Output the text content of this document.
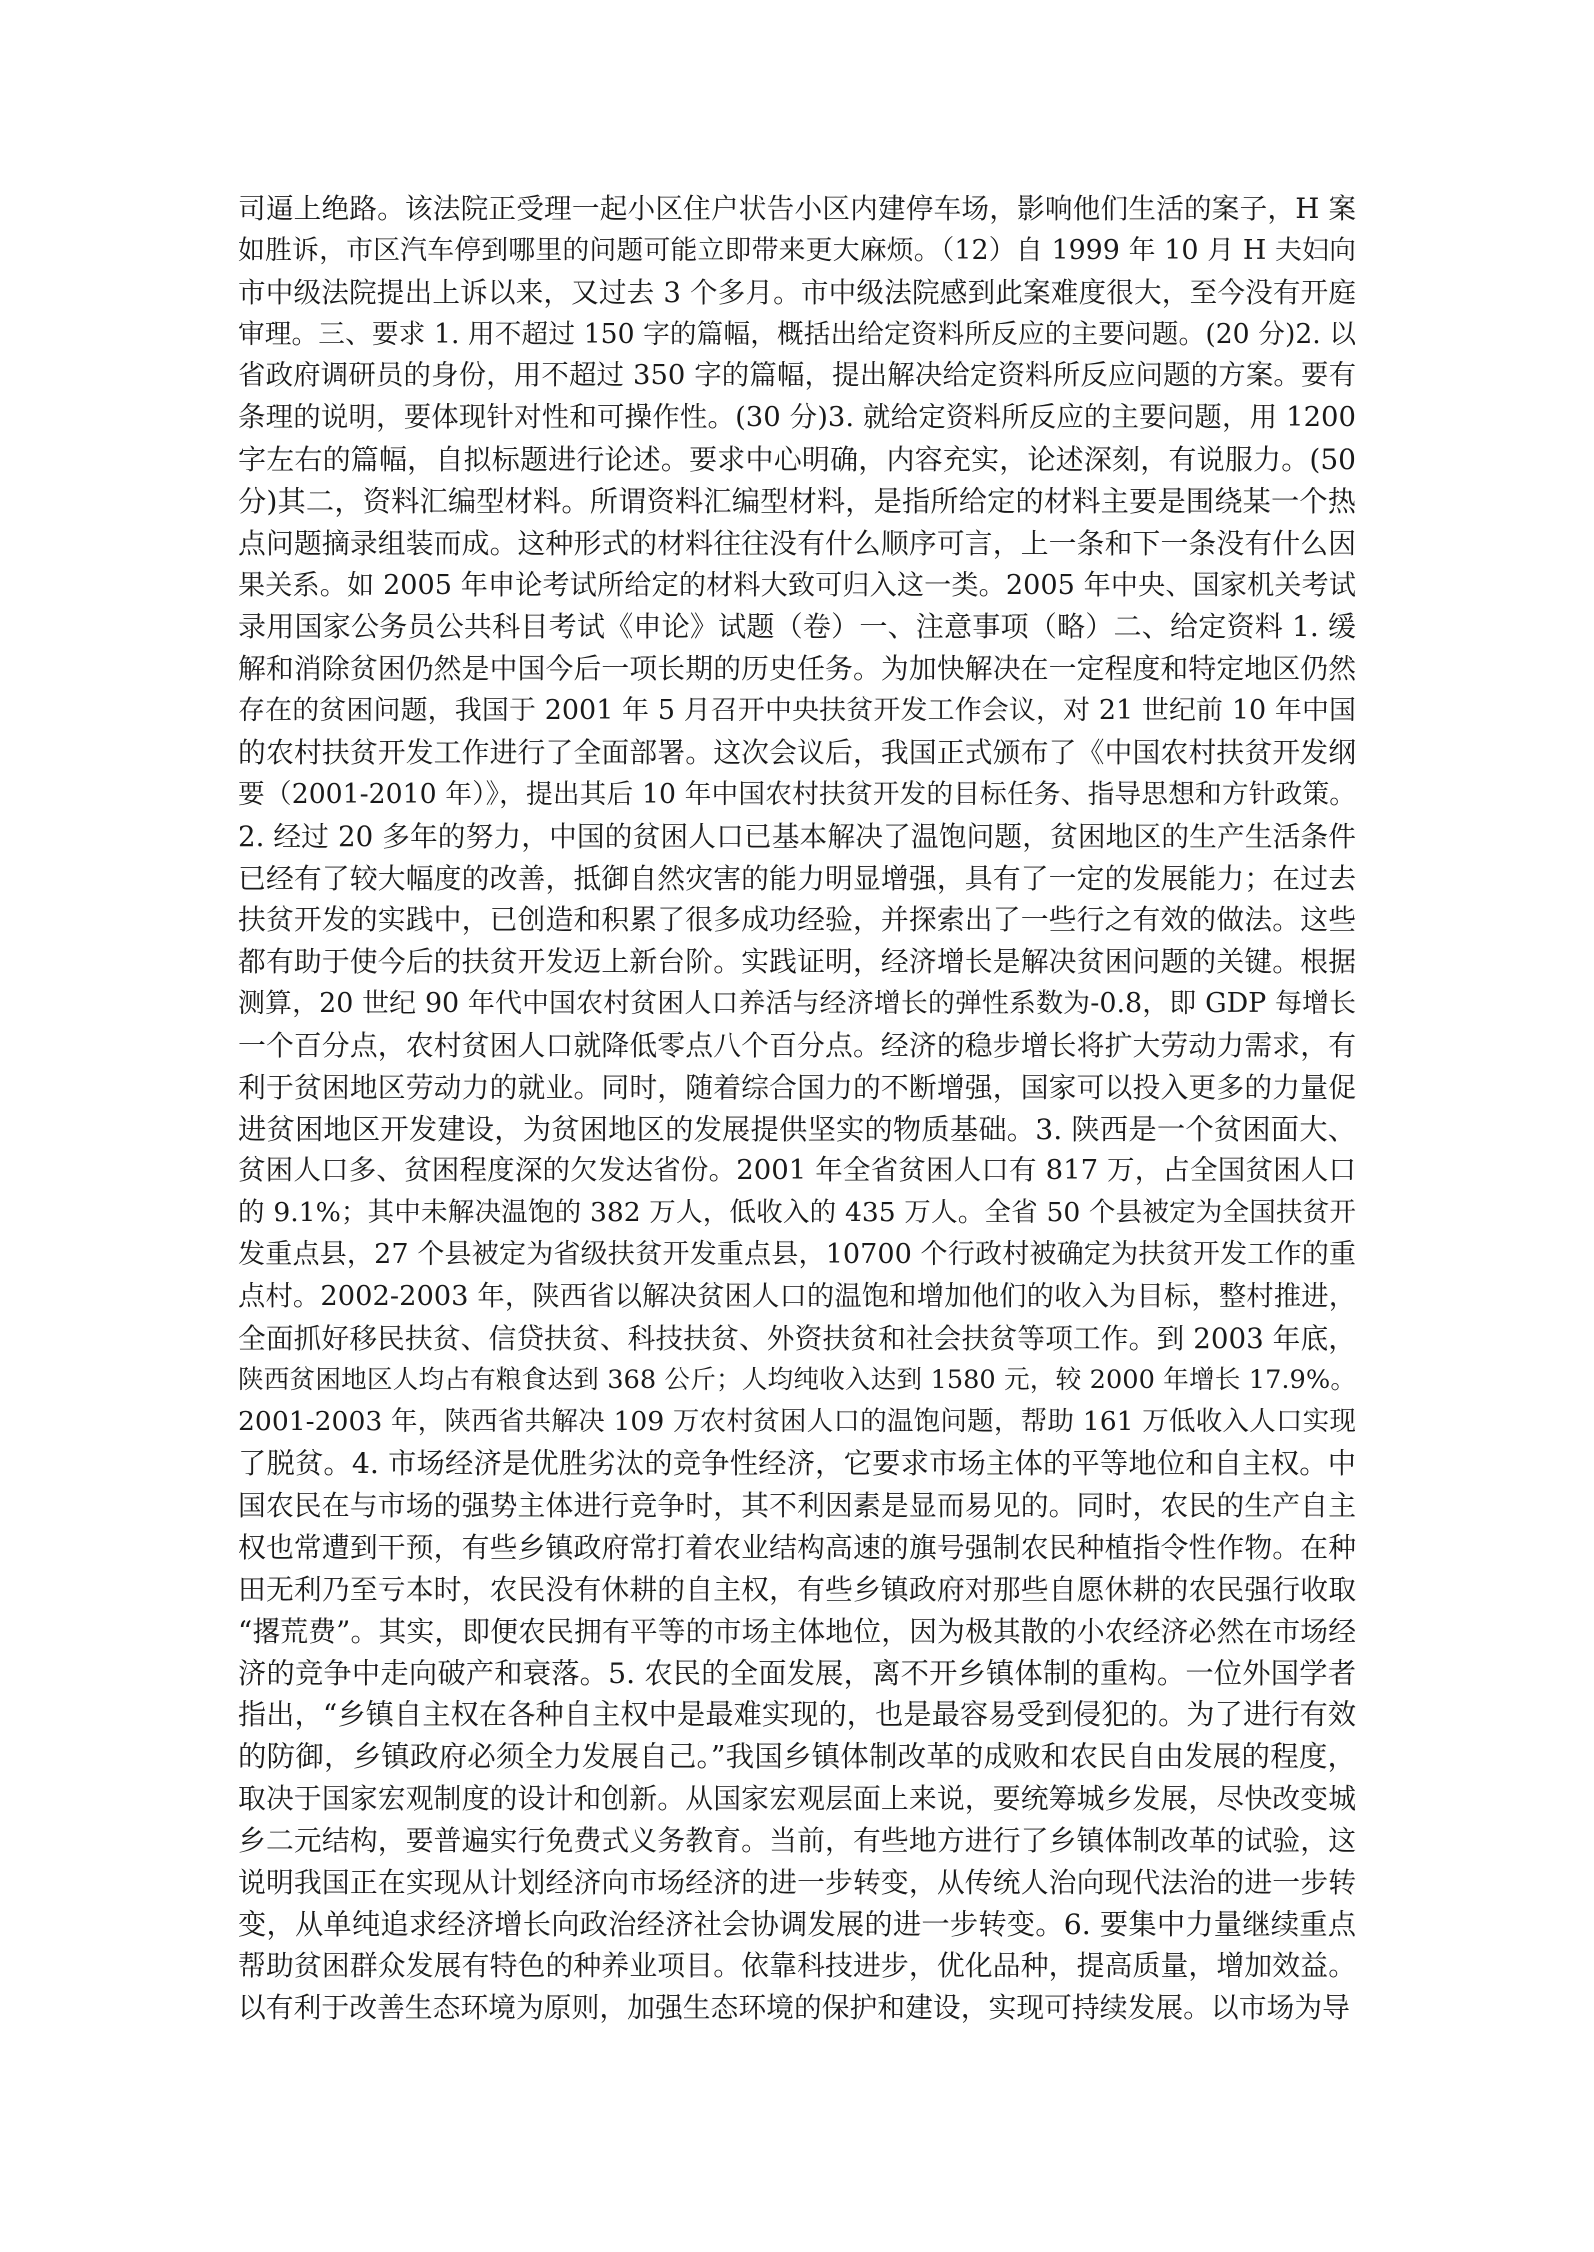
司逼上绝路。该法院正受理一起小区住户状告小区内建停车场，影响他们生活的案子，H 案
如胜诉，市区汽车停到哪里的问题可能立即带来更大麻烦。（12）自 1999 年 10 月 H 夫妇向
市中级法院提出上诉以来，又过去 3 个多月。市中级法院感到此案难度很大，至今没有开庭
审理。三、要求 1. 用不超过 150 字的篇幅，概括出给定资料所反应的主要问题。(20 分)2. 以
省政府调研员的身份，用不超过 350 字的篇幅，提出解决给定资料所反应问题的方案。要有
条理的说明，要体现针对性和可操作性。(30 分)3. 就给定资料所反应的主要问题，用 1200
字左右的篇幅，自拟标题进行论述。要求中心明确，内容充实，论述深刻，有说服力。(50
分)其二，资料汇编型材料。所谓资料汇编型材料，是指所给定的材料主要是围绕某一个热
点问题摘录组装而成。这种形式的材料往往没有什么顺序可言，上一条和下一条没有什么因
果关系。如 2005 年申论考试所给定的材料大致可归入这一类。2005 年中央、国家机关考试
录用国家公务员公共科目考试《申论》试题（卷）一、注意事项（略）二、给定资料 1. 缓
解和消除贫困仍然是中国今后一项长期的历史任务。为加快解决在一定程度和特定地区仍然
存在的贫困问题，我国于 2001 年 5 月召开中央扶贫开发工作会议，对 21 世纪前 10 年中国
的农村扶贫开发工作进行了全面部署。这次会议后，我国正式颁布了《中国农村扶贫开发纲
要（2001-2010 年）》，提出其后 10 年中国农村扶贫开发的目标任务、指导思想和方针政策。
2. 经过 20 多年的努力，中国的贫困人口已基本解决了温饱问题，贫困地区的生产生活条件
已经有了较大幅度的改善，抵御自然灾害的能力明显增强，具有了一定的发展能力；在过去
扶贫开发的实践中，已创造和积累了很多成功经验，并探索出了一些行之有效的做法。这些
都有助于使今后的扶贫开发迈上新台阶。实践证明，经济增长是解决贫困问题的关键。根据
测算，20 世纪 90 年代中国农村贫困人口养活与经济增长的弹性系数为-0.8，即 GDP 每增长
一个百分点，农村贫困人口就降低零点八个百分点。经济的稳步增长将扩大劳动力需求，有
利于贫困地区劳动力的就业。同时，随着综合国力的不断增强，国家可以投入更多的力量促
进贫困地区开发建设，为贫困地区的发展提供坚实的物质基础。3. 陕西是一个贫困面大、
贫困人口多、贫困程度深的欠发达省份。2001 年全省贫困人口有 817 万，占全国贫困人口
的 9.1%；其中未解决温饱的 382 万人，低收入的 435 万人。全省 50 个县被定为全国扶贫开
发重点县，27 个县被定为省级扶贫开发重点县，10700 个行政村被确定为扶贫开发工作的重
点村。2002-2003 年，陕西省以解决贫困人口的温饱和增加他们的收入为目标，整村推进，
全面抓好移民扶贫、信贷扶贫、科技扶贫、外资扶贫和社会扶贫等项工作。到 2003 年底，
陕西贫困地区人均占有粮食达到 368 公斤；人均纯收入达到 1580 元，较 2000 年增长 17.9%。
2001-2003 年，陕西省共解决 109 万农村贫困人口的温饱问题，帮助 161 万低收入人口实现
了脱贫。4. 市场经济是优胜劣汰的竞争性经济，它要求市场主体的平等地位和自主权。中
国农民在与市场的强势主体进行竞争时，其不利因素是显而易见的。同时，农民的生产自主
权也常遭到干预，有些乡镇政府常打着农业结构高速的旗号强制农民种植指令性作物。在种
田无利乃至亏本时，农民没有休耕的自主权，有些乡镇政府对那些自愿休耕的农民强行收取
“撂荒费”。其实，即便农民拥有平等的市场主体地位，因为极其散的小农经济必然在市场经
济的竞争中走向破产和衰落。5. 农民的全面发展，离不开乡镇体制的重构。一位外国学者
指出，“乡镇自主权在各种自主权中是最难实现的，也是最容易受到侵犯的。为了进行有效
的防御，乡镇政府必须全力发展自己。”我国乡镇体制改革的成败和农民自由发展的程度，
取决于国家宏观制度的设计和创新。从国家宏观层面上来说，要统筹城乡发展，尽快改变城
乡二元结构，要普遍实行免费式义务教育。当前，有些地方进行了乡镇体制改革的试验，这
说明我国正在实现从计划经济向市场经济的进一步转变，从传统人治向现代法治的进一步转
变，从单纯追求经济增长向政治经济社会协调发展的进一步转变。6. 要集中力量继续重点
帮助贫困群众发展有特色的种养业项目。依靠科技进步，优化品种，提高质量，增加效益。
以有利于改善生态环境为原则，加强生态环境的保护和建设，实现可持续发展。以市场为导
